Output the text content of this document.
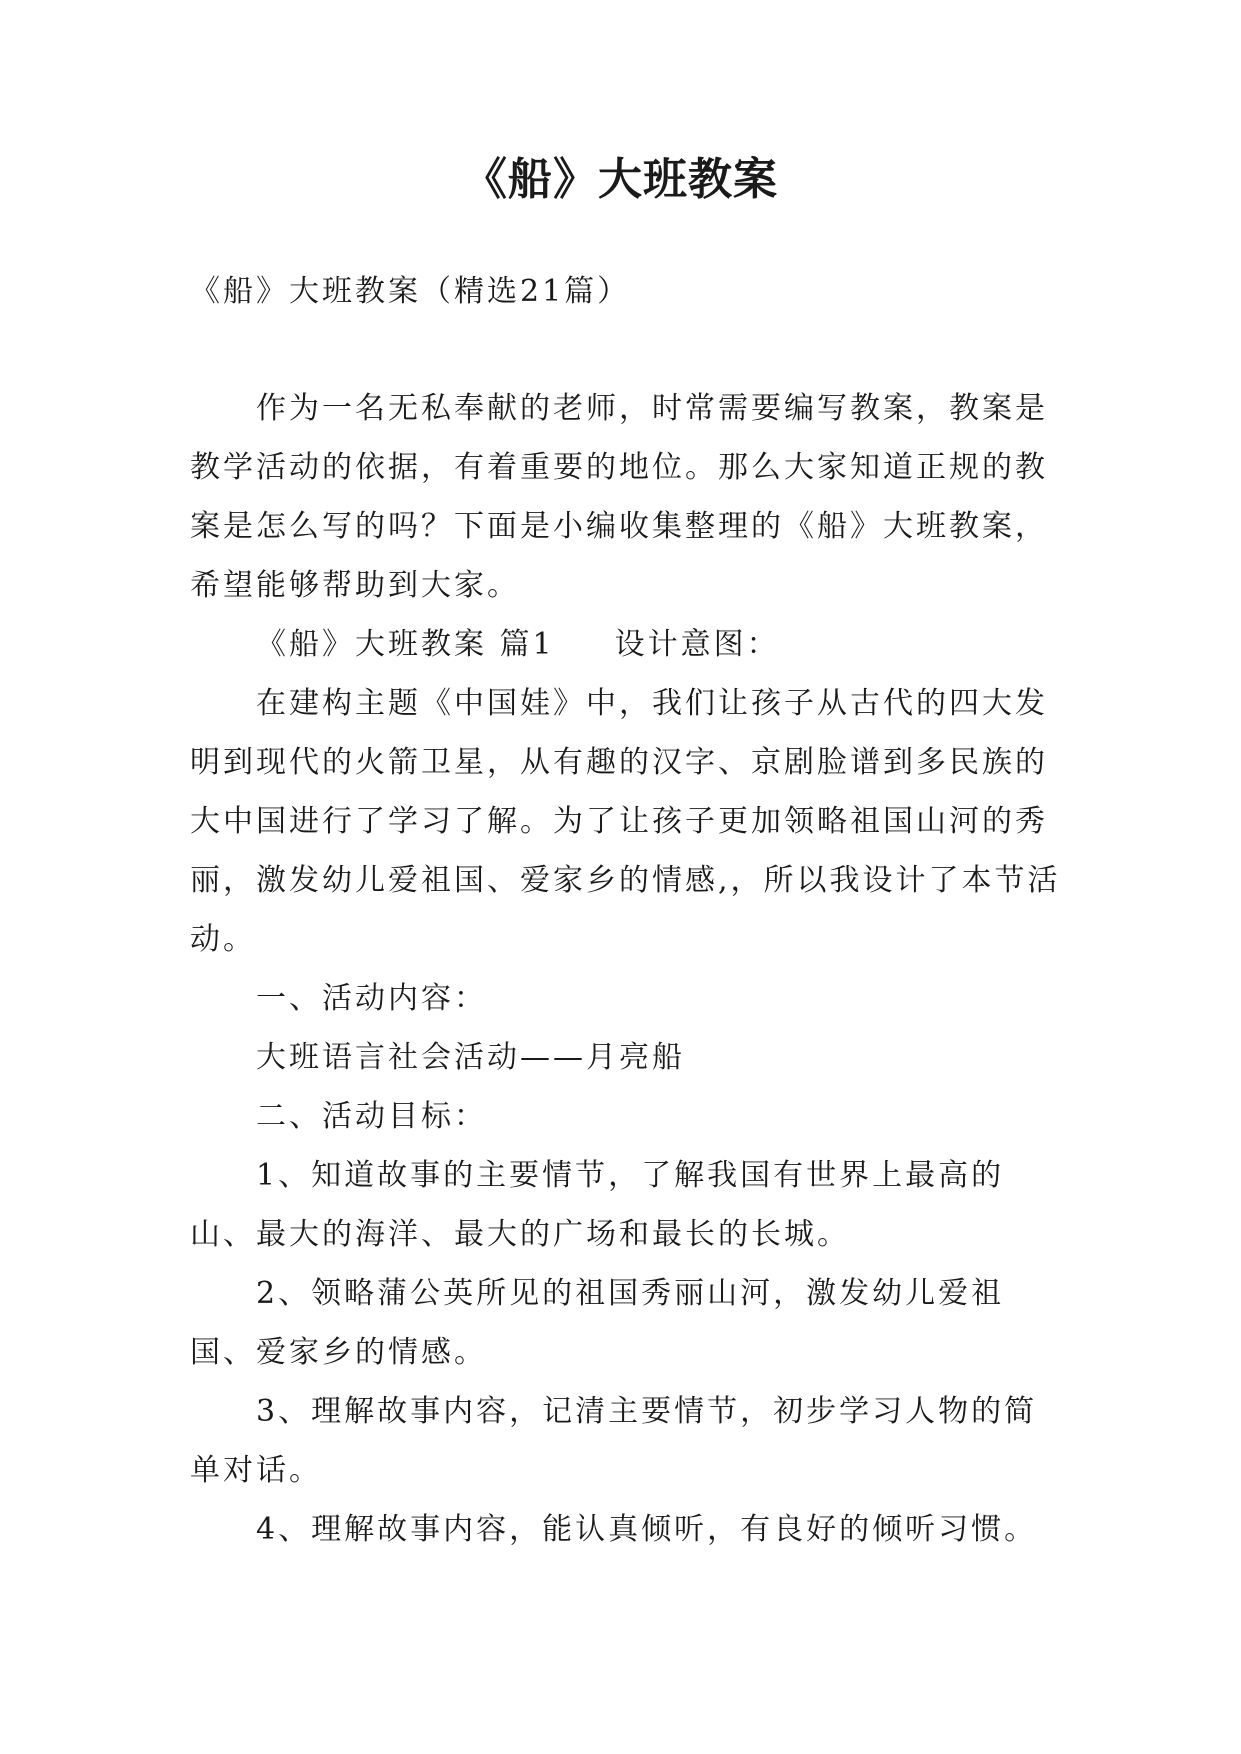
《船》大班教案

《船》大班教案（精选21篇）

作为一名无私奉献的老师，时常需要编写教案，教案是教学活动的依据，有着重要的地位。那么大家知道正规的教案是怎么写的吗？下面是小编收集整理的《船》大班教案，希望能够帮助到大家。

《船》大班教案 篇1 设计意图：

在建构主题《中国娃》中，我们让孩子从古代的四大发明到现代的火箭卫星，从有趣的汉字、京剧脸谱到多民族的大中国进行了学习了解。为了让孩子更加领略祖国山河的秀丽，激发幼儿爱祖国、爱家乡的情感,，所以我设计了本节活动。

一、活动内容：

大班语言社会活动——月亮船

二、活动目标：

1、知道故事的主要情节，了解我国有世界上最高的山、最大的海洋、最大的广场和最长的长城。

2、领略蒲公英所见的祖国秀丽山河，激发幼儿爱祖国、爱家乡的情感。

3、理解故事内容，记清主要情节，初步学习人物的简单对话。

4、理解故事内容，能认真倾听，有良好的倾听习惯。
